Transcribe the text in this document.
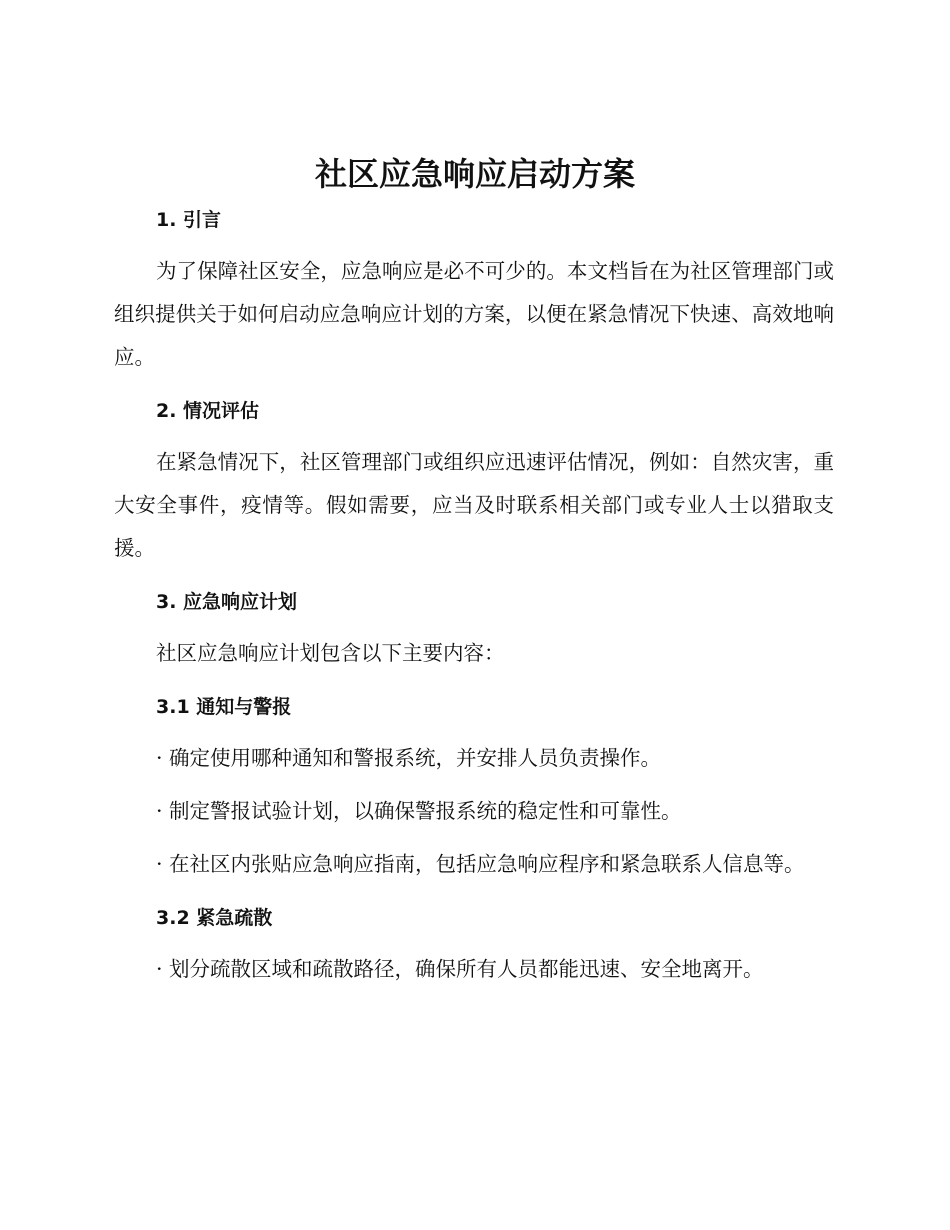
社区应急响应启动方案
1. 引言

为了保障社区安全，应急响应是必不可少的。本文档旨在为社区管理部门或组织提供关于如何启动应急响应计划的方案，以便在紧急情况下快速、高效地响应。

2. 情况评估

在紧急情况下，社区管理部门或组织应迅速评估情况，例如：自然灾害，重大安全事件，疫情等。假如需要，应当及时联系相关部门或专业人士以猎取支援。

3. 应急响应计划

社区应急响应计划包含以下主要内容：

3.1 通知与警报

· 确定使用哪种通知和警报系统，并安排人员负责操作。

· 制定警报试验计划，以确保警报系统的稳定性和可靠性。

· 在社区内张贴应急响应指南，包括应急响应程序和紧急联系人信息等。

3.2 紧急疏散

· 划分疏散区域和疏散路径，确保所有人员都能迅速、安全地离开。
